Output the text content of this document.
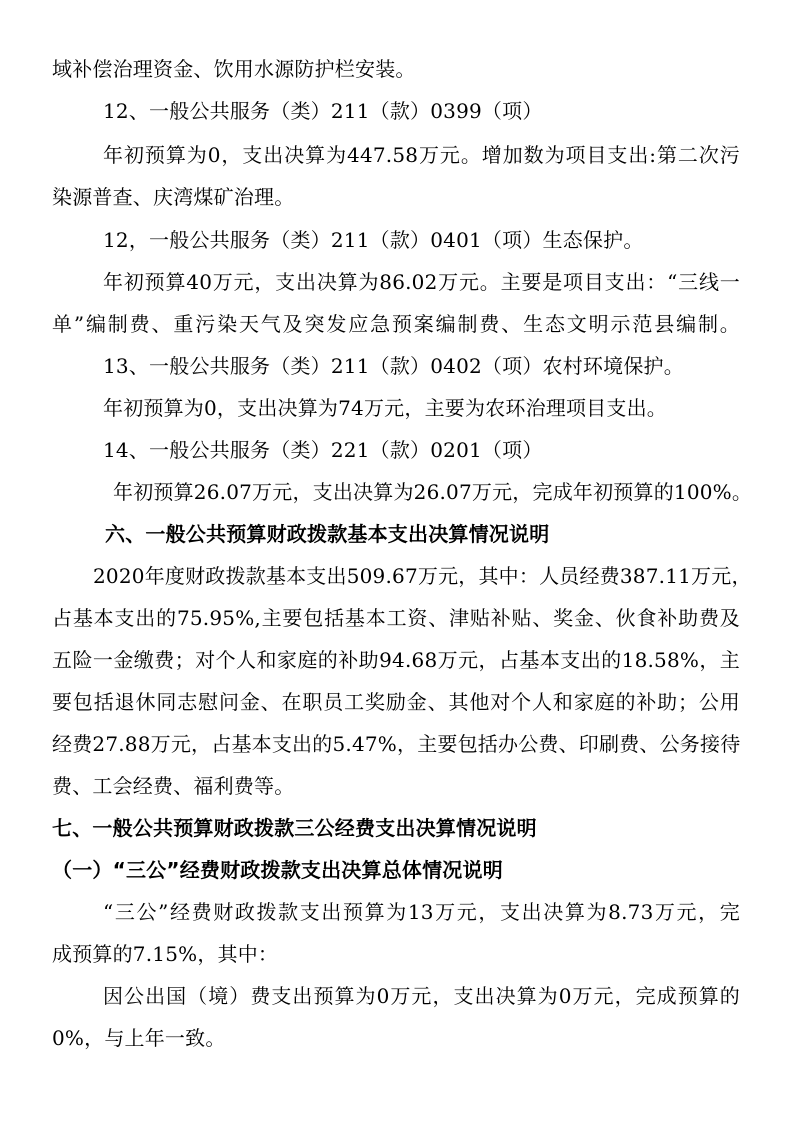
域补偿治理资金、饮用水源防护栏安装。
12、一般公共服务（类）211（款）0399（项）
年初预算为0，支出决算为447.58万元。增加数为项目支出:第二次污
染源普查、庆湾煤矿治理。
12，一般公共服务（类）211（款）0401（项）生态保护。
年初预算40万元，支出决算为86.02万元。主要是项目支出：“三线一
单”编制费、重污染天气及突发应急预案编制费、生态文明示范县编制。
13、一般公共服务（类）211（款）0402（项）农村环境保护。
年初预算为0，支出决算为74万元，主要为农环治理项目支出。
14、一般公共服务（类）221（款）0201（项）
年初预算26.07万元，支出决算为26.07万元，完成年初预算的100%。
六、一般公共预算财政拨款基本支出决算情况说明
2020年度财政拨款基本支出509.67万元，其中：人员经费387.11万元，
占基本支出的75.95%,主要包括基本工资、津贴补贴、奖金、伙食补助费及
五险一金缴费；对个人和家庭的补助94.68万元，占基本支出的18.58%，主
要包括退休同志慰问金、在职员工奖励金、其他对个人和家庭的补助；公用
经费27.88万元，占基本支出的5.47%，主要包括办公费、印刷费、公务接待
费、工会经费、福利费等。
七、一般公共预算财政拨款三公经费支出决算情况说明
（一）“三公”经费财政拨款支出决算总体情况说明
“三公”经费财政拨款支出预算为13万元，支出决算为8.73万元，完
成预算的7.15%，其中：
因公出国（境）费支出预算为0万元，支出决算为0万元，完成预算的
0%，与上年一致。
